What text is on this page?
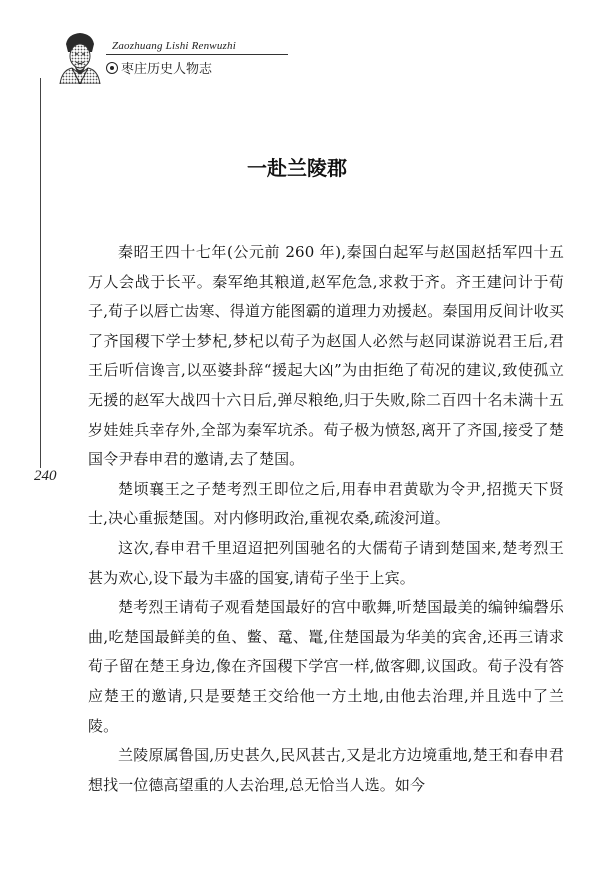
Zaozhuang Lishi Renwuzhi
枣庄历史人物志
一赴兰陵郡
240

秦昭王四十七年(公元前 260 年),秦国白起军与赵国赵括军四十五万人会战于长平。秦军绝其粮道,赵军危急,求救于齐。齐王建问计于荀子,荀子以唇亡齿寒、得道方能图霸的道理力劝援赵。秦国用反间计收买了齐国稷下学士梦杞,梦杞以荀子为赵国人必然与赵同谋游说君王后,君王后听信谗言,以巫婆卦辞“援起大凶”为由拒绝了荀况的建议,致使孤立无援的赵军大战四十六日后,弹尽粮绝,归于失败,除二百四十名未满十五岁娃娃兵幸存外,全部为秦军坑杀。荀子极为愤怒,离开了齐国,接受了楚国令尹春申君的邀请,去了楚国。

楚顷襄王之子楚考烈王即位之后,用春申君黄歇为令尹,招揽天下贤士,决心重振楚国。对内修明政治,重视农桑,疏浚河道。

这次,春申君千里迢迢把列国驰名的大儒荀子请到楚国来,楚考烈王甚为欢心,设下最为丰盛的国宴,请荀子坐于上宾。

楚考烈王请荀子观看楚国最好的宫中歌舞,听楚国最美的编钟编磬乐曲,吃楚国最鲜美的鱼、鳖、鼋、鼍,住楚国最为华美的宾舍,还再三请求荀子留在楚王身边,像在齐国稷下学宫一样,做客卿,议国政。荀子没有答应楚王的邀请,只是要楚王交给他一方土地,由他去治理,并且选中了兰陵。

兰陵原属鲁国,历史甚久,民风甚古,又是北方边境重地,楚王和春申君想找一位德高望重的人去治理,总无恰当人选。如今
